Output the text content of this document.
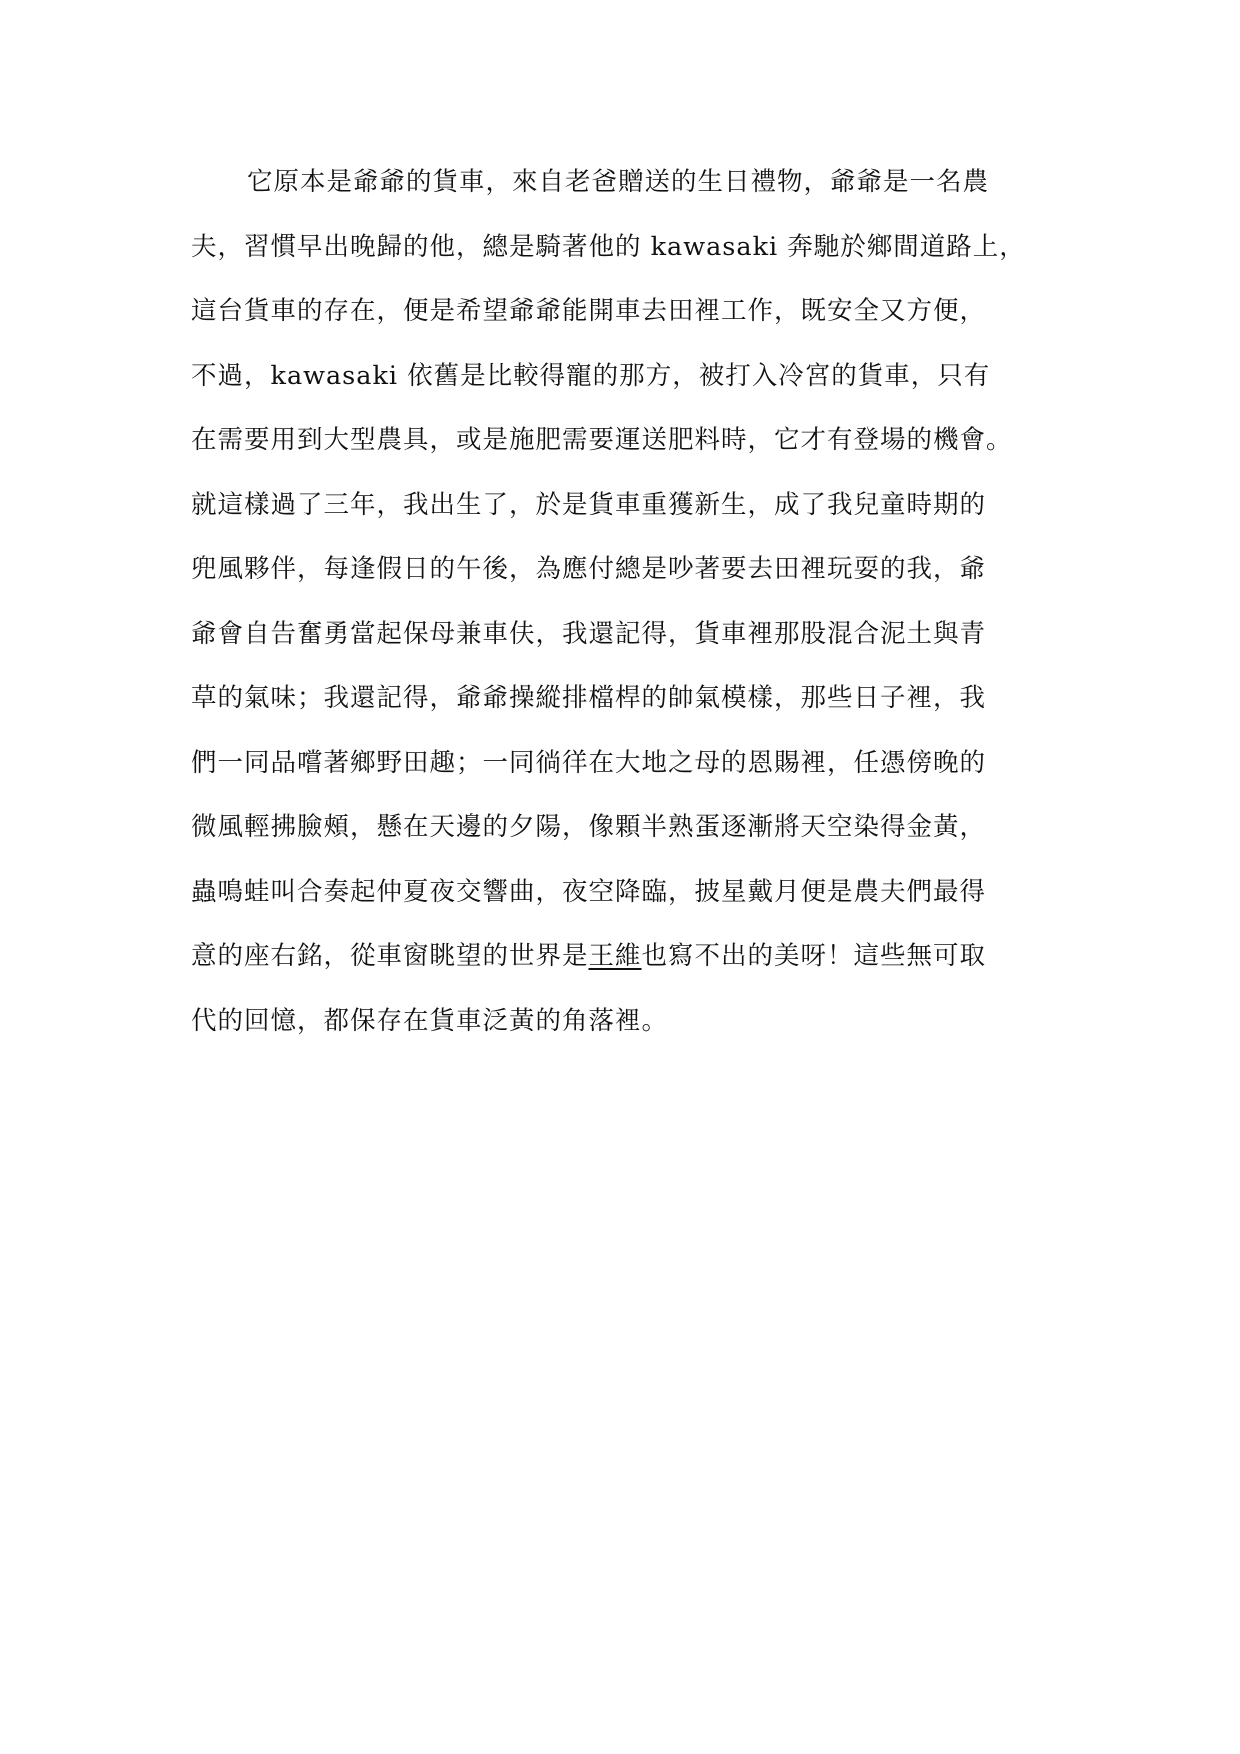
它原本是爺爺的貨車，來自老爸贈送的生日禮物，爺爺是一名農
夫，習慣早出晚歸的他，總是騎著他的 kawasaki 奔馳於鄉間道路上，
這台貨車的存在，便是希望爺爺能開車去田裡工作，既安全又方便，
不過，kawasaki 依舊是比較得寵的那方，被打入冷宮的貨車，只有
在需要用到大型農具，或是施肥需要運送肥料時，它才有登場的機會。
就這樣過了三年，我出生了，於是貨車重獲新生，成了我兒童時期的
兜風夥伴，每逢假日的午後，為應付總是吵著要去田裡玩耍的我，爺
爺會自告奮勇當起保母兼車伕，我還記得，貨車裡那股混合泥土與青
草的氣味；我還記得，爺爺操縱排檔桿的帥氣模樣，那些日子裡，我
們一同品嚐著鄉野田趣；一同徜徉在大地之母的恩賜裡，任憑傍晚的
微風輕拂臉頰，懸在天邊的夕陽，像顆半熟蛋逐漸將天空染得金黃，
蟲鳴蛙叫合奏起仲夏夜交響曲，夜空降臨，披星戴月便是農夫們最得
意的座右銘，從車窗眺望的世界是王維也寫不出的美呀！這些無可取
代的回憶，都保存在貨車泛黃的角落裡。
